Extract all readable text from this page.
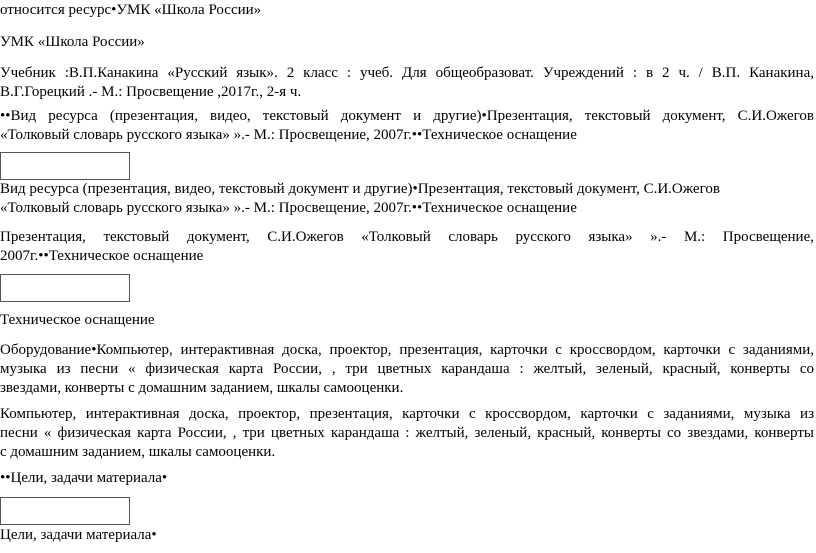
относится ресурс•УМК «Школа России»

УМК «Школа России»

Учебник :В.П.Канакина «Русский язык». 2 класс : учеб. Для общеобразоват. Учреждений : в 2 ч. / В.П. Канакина,
В.Г.Горецкий .- М.: Просвещение ,2017г., 2-я ч.
••Вид ресурса (презентация, видео, текстовый документ и другие)•Презентация, текстовый документ, С.И.Ожегов
«Толковый словарь русского языка» ».- М.: Просвещение, 2007г.••Техническое оснащение
Вид ресурса (презентация, видео, текстовый документ и другие)•Презентация, текстовый документ, С.И.Ожегов
«Толковый словарь русского языка» ».- М.: Просвещение, 2007г.••Техническое оснащение
Презентация, текстовый документ, С.И.Ожегов «Толковый словарь русского языка» ».- М.: Просвещение,
2007г.••Техническое оснащение

Техническое оснащение

Оборудование•Компьютер, интерактивная доска, проектор, презентация, карточки с кроссвордом, карточки с заданиями,
музыка из песни « физическая карта России, , три цветных карандаша : желтый, зеленый, красный, конверты со
звездами, конверты с домашним заданием, шкалы самооценки.
Компьютер, интерактивная доска, проектор, презентация, карточки с кроссвордом, карточки с заданиями, музыка из
песни « физическая карта России, , три цветных карандаша : желтый, зеленый, красный, конверты со звездами, конверты
с домашним заданием, шкалы самооценки.

••Цели, задачи материала•

Цели, задачи материала•
